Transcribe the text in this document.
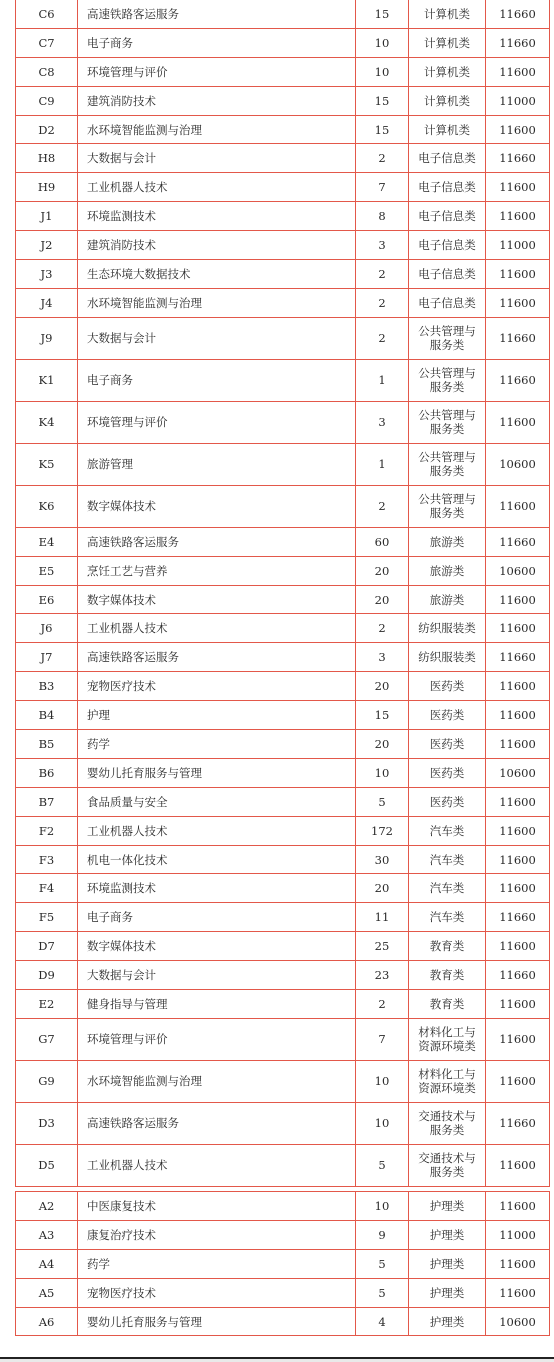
C6	高速铁路客运服务	15	计算机类	11660
C7	电子商务	10	计算机类	11660
C8	环境管理与评价	10	计算机类	11600
C9	建筑消防技术	15	计算机类	11000
D2	水环境智能监测与治理	15	计算机类	11600
H8	大数据与会计	2	电子信息类	11660
H9	工业机器人技术	7	电子信息类	11600
J1	环境监测技术	8	电子信息类	11600
J2	建筑消防技术	3	电子信息类	11000
J3	生态环境大数据技术	2	电子信息类	11600
J4	水环境智能监测与治理	2	电子信息类	11600
J9	大数据与会计	2	公共管理与
服务类	11660
K1	电子商务	1	公共管理与
服务类	11660
K4	环境管理与评价	3	公共管理与
服务类	11600
K5	旅游管理	1	公共管理与
服务类	10600
K6	数字媒体技术	2	公共管理与
服务类	11600
E4	高速铁路客运服务	60	旅游类	11660
E5	烹饪工艺与营养	20	旅游类	10600
E6	数字媒体技术	20	旅游类	11600
J6	工业机器人技术	2	纺织服装类	11600
J7	高速铁路客运服务	3	纺织服装类	11660
B3	宠物医疗技术	20	医药类	11600
B4	护理	15	医药类	11600
B5	药学	20	医药类	11600
B6	婴幼儿托育服务与管理	10	医药类	10600
B7	食品质量与安全	5	医药类	11600
F2	工业机器人技术	172	汽车类	11600
F3	机电一体化技术	30	汽车类	11600
F4	环境监测技术	20	汽车类	11600
F5	电子商务	11	汽车类	11660
D7	数字媒体技术	25	教育类	11600
D9	大数据与会计	23	教育类	11660
E2	健身指导与管理	2	教育类	11600
G7	环境管理与评价	7	材料化工与
资源环境类	11600
G9	水环境智能监测与治理	10	材料化工与
资源环境类	11600
D3	高速铁路客运服务	10	交通技术与
服务类	11660
D5	工业机器人技术	5	交通技术与
服务类	11600
A2	中医康复技术	10	护理类	11600
A3	康复治疗技术	9	护理类	11000
A4	药学	5	护理类	11600
A5	宠物医疗技术	5	护理类	11600
A6	婴幼儿托育服务与管理	4	护理类	10600
